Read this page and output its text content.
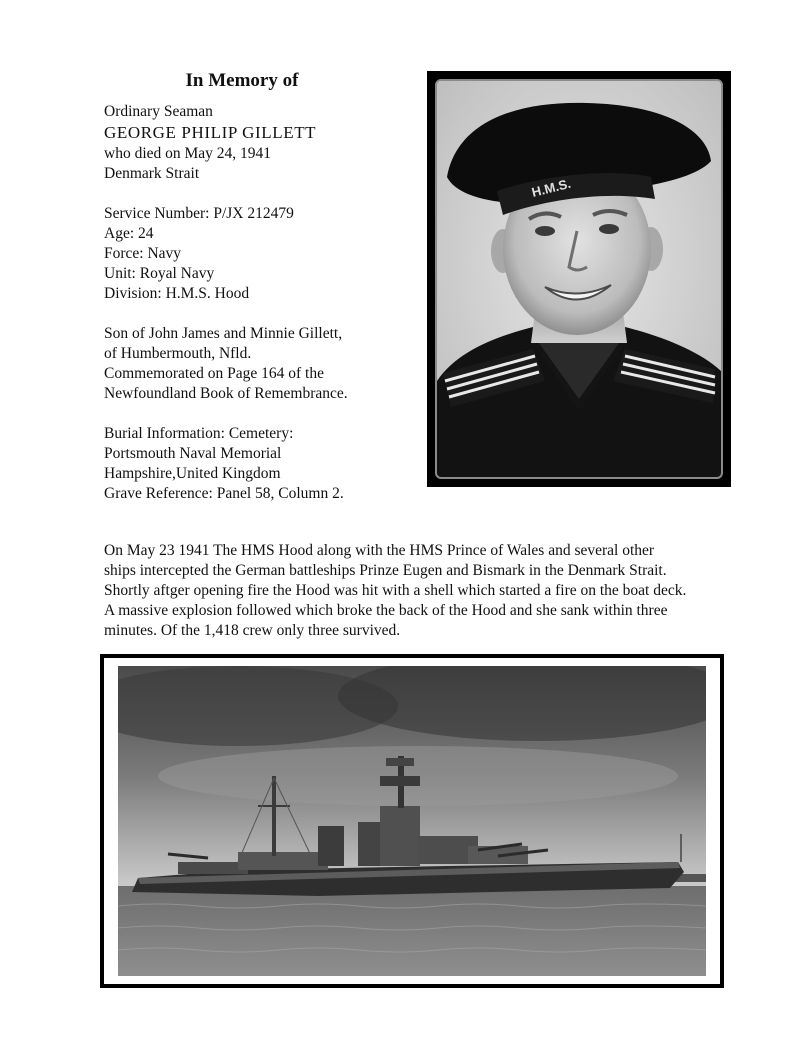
In Memory of
Ordinary Seaman
GEORGE PHILIP GILLETT
who died on May 24, 1941
Denmark Strait
Service Number: P/JX 212479
Age: 24
Force: Navy
Unit: Royal Navy
Division: H.M.S. Hood
Son of John James and Minnie Gillett,
of Humbermouth, Nfld.
Commemorated on Page 164 of the
Newfoundland Book of Remembrance.
Burial Information: Cemetery:
Portsmouth Naval Memorial
Hampshire,United Kingdom
Grave Reference: Panel 58, Column 2.
H.M.S.
On May 23 1941 The HMS Hood along with the HMS Prince of Wales and several other
ships intercepted the German battleships Prinze Eugen and Bismark in the Denmark Strait.
Shortly aftger opening fire the Hood was hit with a shell which started a fire on the boat deck.
A massive explosion followed which broke the back of the Hood and she sank within three
minutes. Of the 1,418 crew only three survived.
